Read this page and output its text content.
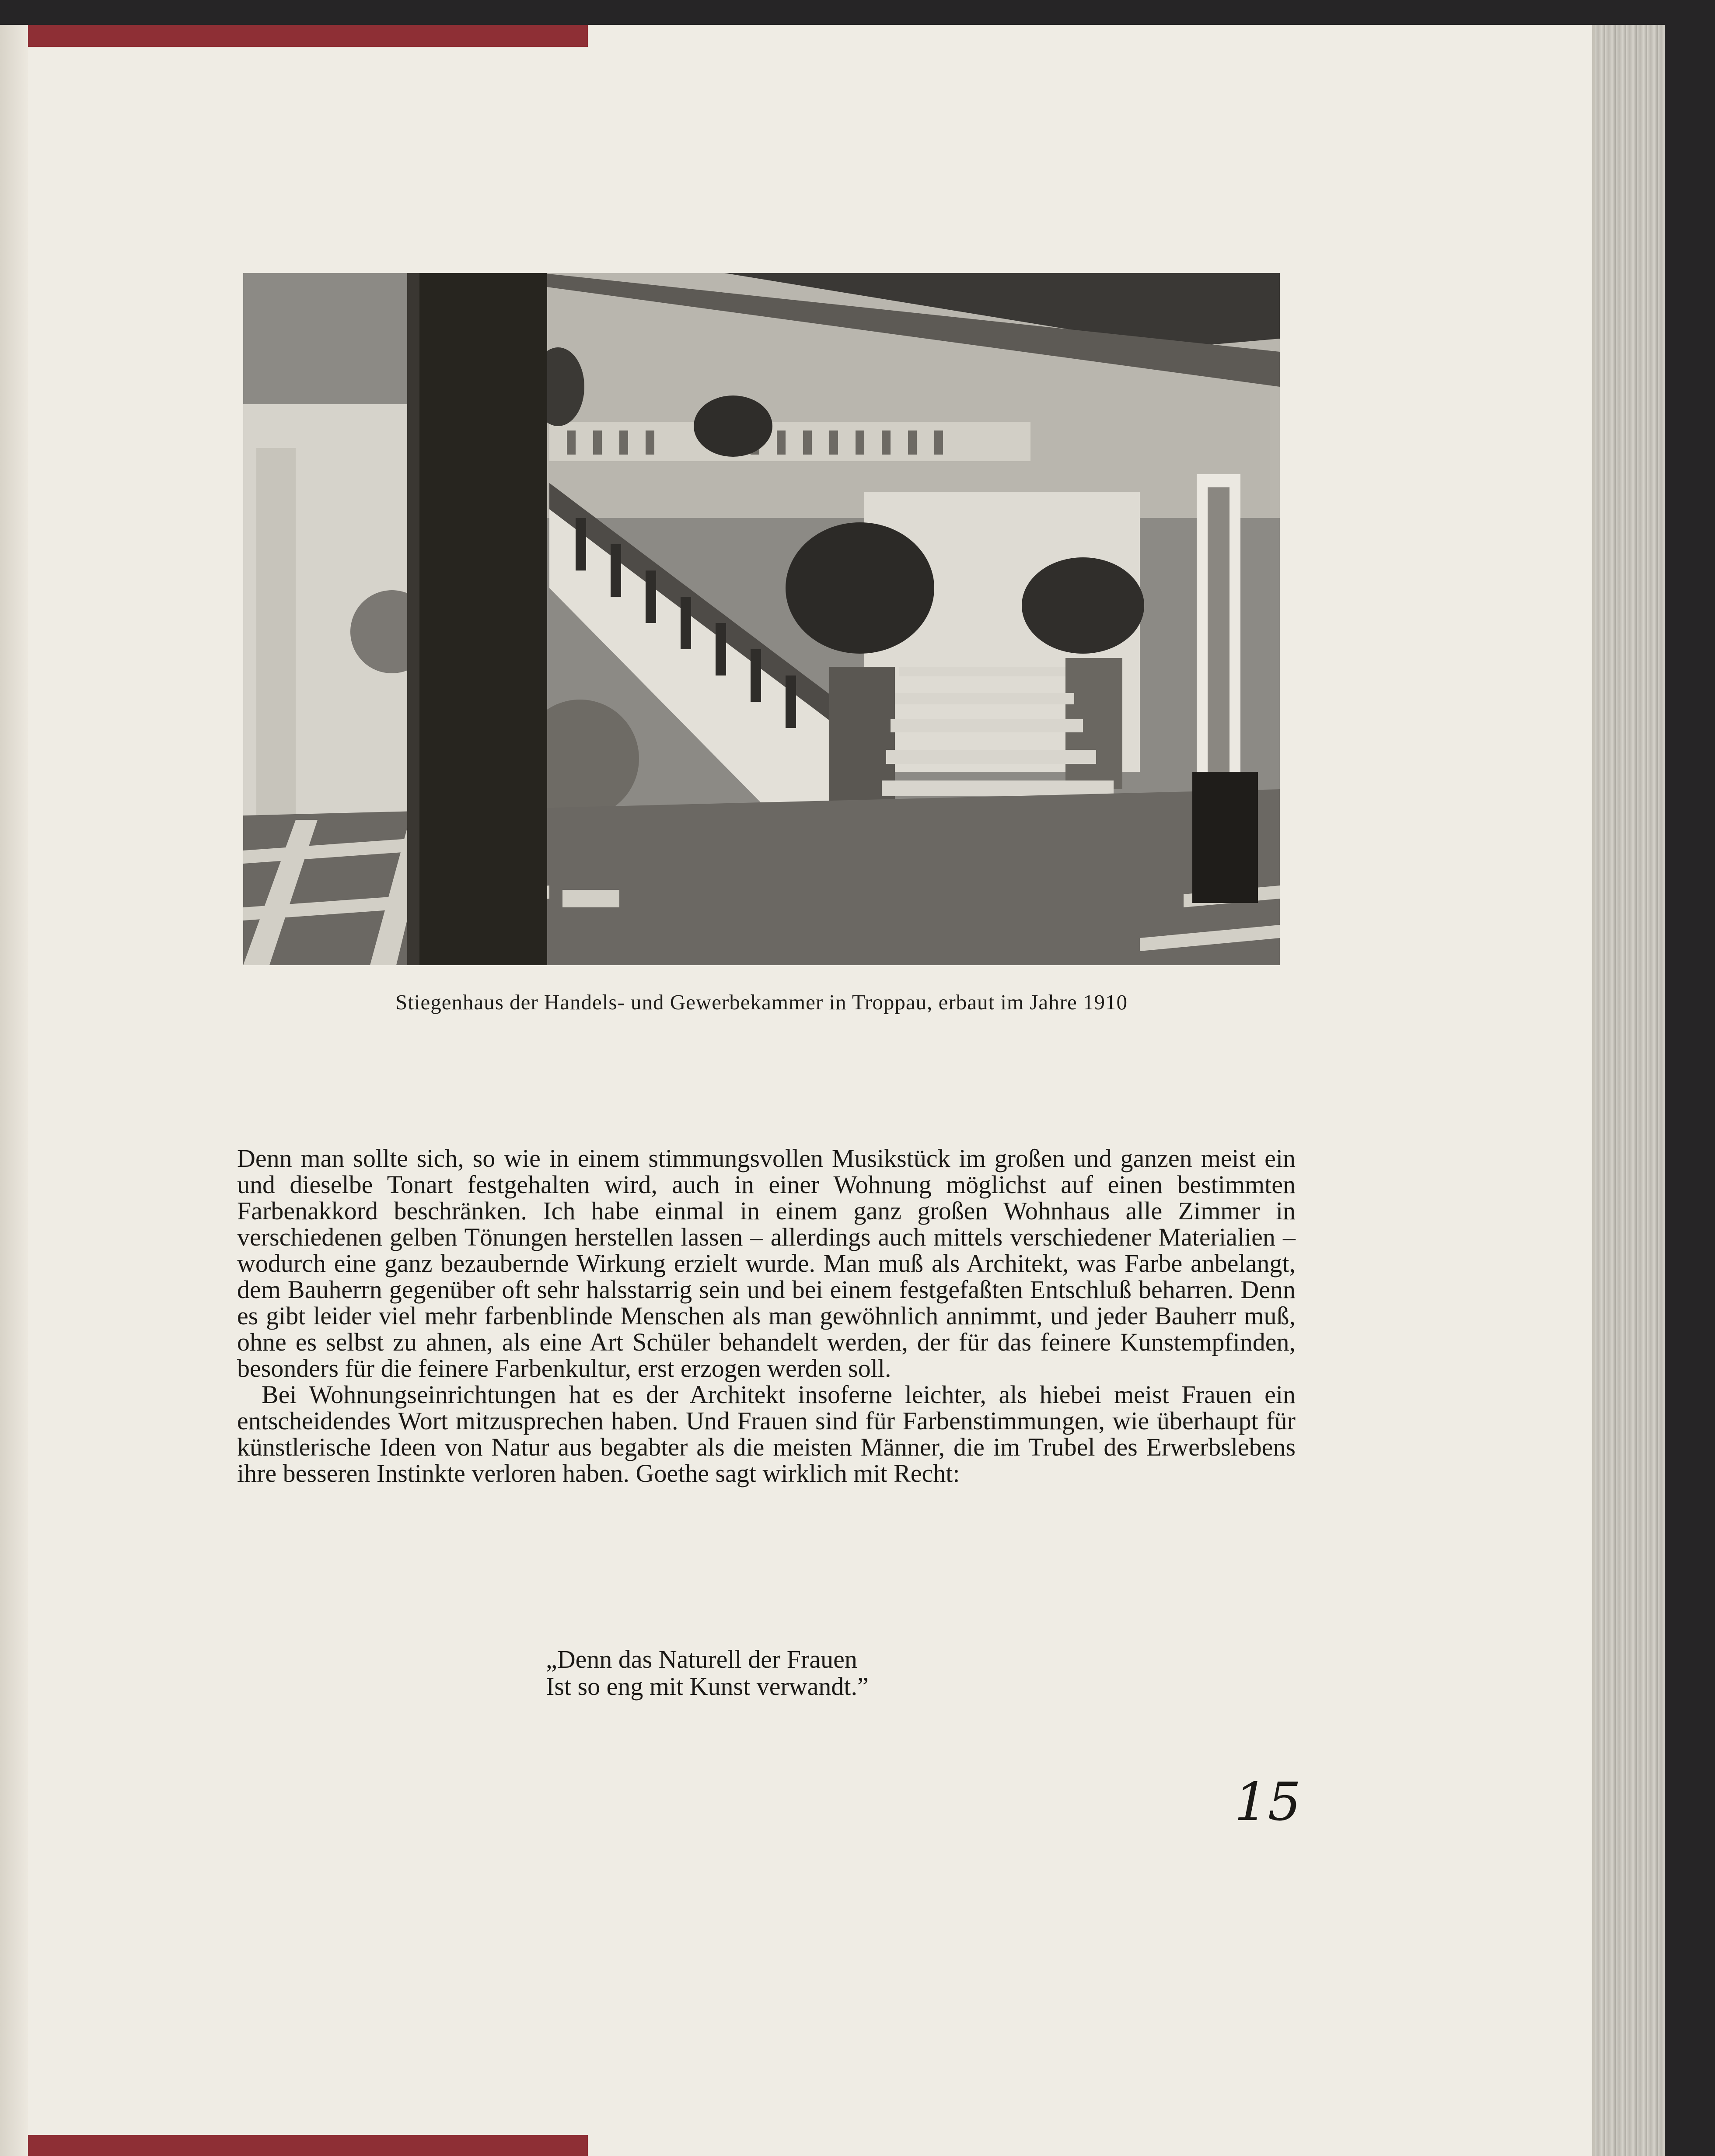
Stiegenhaus der Handels- und Gewerbekammer in Troppau, erbaut im Jahre 1910

Denn man sollte sich, so wie in einem stimmungsvollen Musikstück im großen und ganzen meist ein und dieselbe Tonart festgehalten wird, auch in einer Wohnung möglichst auf einen bestimmten Farbenakkord beschränken. Ich habe einmal in einem ganz großen Wohnhaus alle Zimmer in verschiedenen gelben Tönungen herstellen lassen – allerdings auch mittels verschiedener Materialien – wodurch eine ganz bezaubernde Wirkung erzielt wurde. Man muß als Architekt, was Farbe anbelangt, dem Bauherrn gegenüber oft sehr halsstarrig sein und bei einem festgefaßten Entschluß beharren. Denn es gibt leider viel mehr farbenblinde Menschen als man gewöhnlich annimmt, und jeder Bauherr muß, ohne es selbst zu ahnen, als eine Art Schüler behandelt werden, der für das feinere Kunstempfinden, besonders für die feinere Farbenkultur, erst erzogen werden soll.

Bei Wohnungseinrichtungen hat es der Architekt insoferne leichter, als hiebei meist Frauen ein entscheidendes Wort mitzusprechen haben. Und Frauen sind für Farbenstimmungen, wie überhaupt für künstlerische Ideen von Natur aus begabter als die meisten Männer, die im Trubel des Erwerbslebens ihre besseren Instinkte verloren haben. Goethe sagt wirklich mit Recht:

„Denn das Naturell der Frauen
Ist so eng mit Kunst verwandt.”
15
